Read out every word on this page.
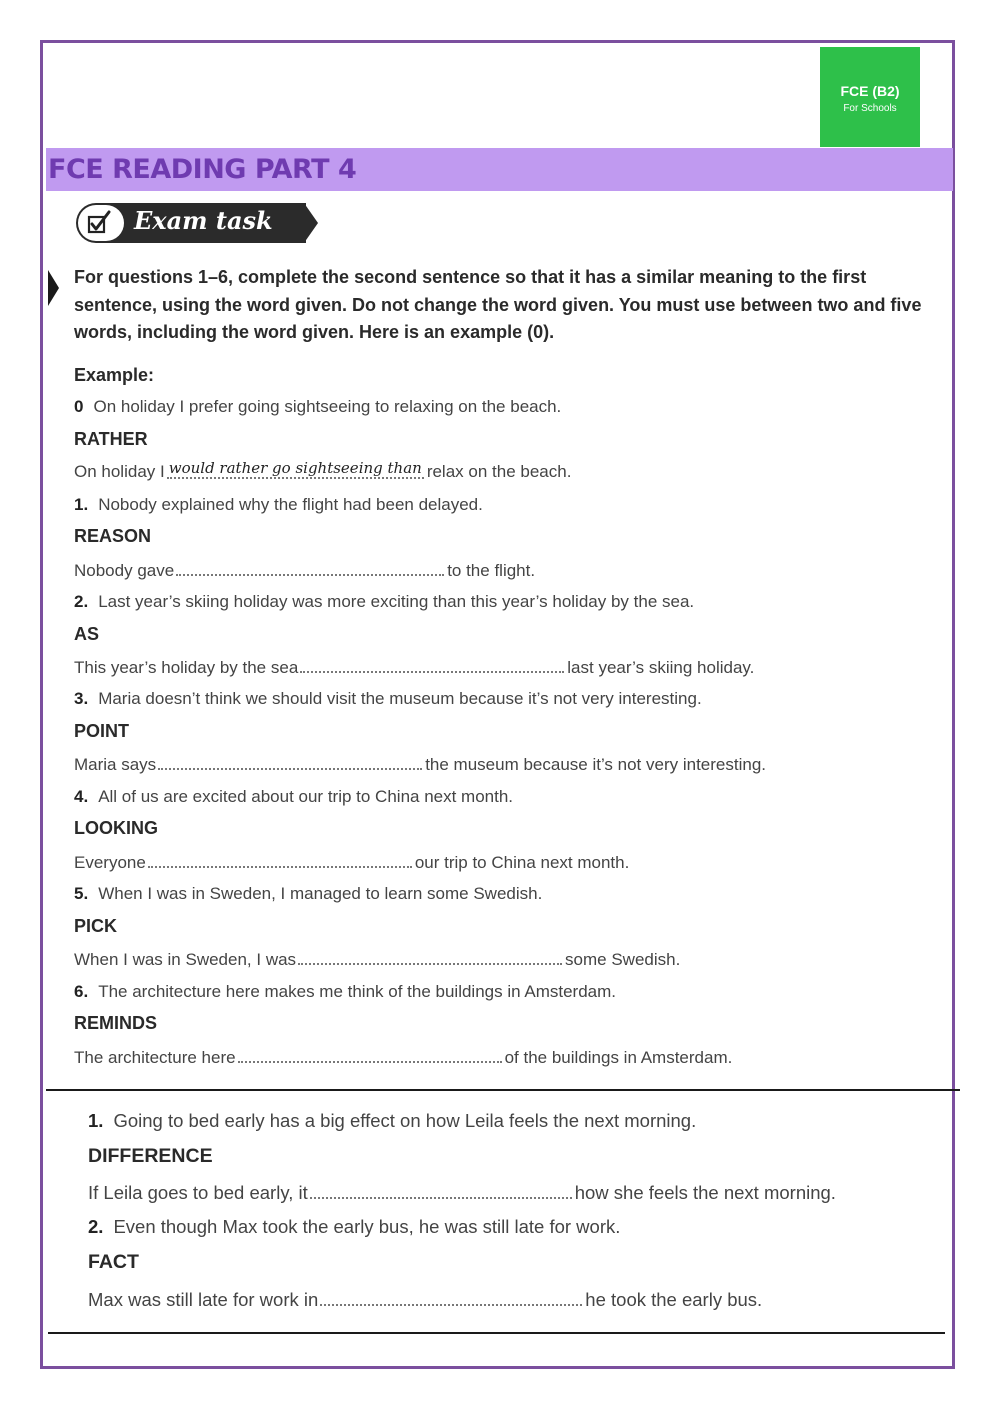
FCE (B2)
For Schools
FCE READING PART 4
Exam task
For questions 1–6, complete the second sentence so that it has a similar meaning to the first sentence, using the word given. Do not change the word given. You must use between two and five words, including the word given. Here is an example (0).
Example:
0 On holiday I prefer going sightseeing to relaxing on the beach.
RATHER
On holiday I would rather go sightseeing than relax on the beach.
1. Nobody explained why the flight had been delayed.
REASON
Nobody gave	to the flight.
2. Last year’s skiing holiday was more exciting than this year’s holiday by the sea.
AS
This year’s holiday by the sea	last year’s skiing holiday.
3. Maria doesn’t think we should visit the museum because it’s not very interesting.
POINT
Maria says	the museum because it’s not very interesting.
4. All of us are excited about our trip to China next month.
LOOKING
Everyone	our trip to China next month.
5. When I was in Sweden, I managed to learn some Swedish.
PICK
When I was in Sweden, I was	some Swedish.
6. The architecture here makes me think of the buildings in Amsterdam.
REMINDS
The architecture here	of the buildings in Amsterdam.
1. Going to bed early has a big effect on how Leila feels the next morning.
DIFFERENCE
If Leila goes to bed early, it	how she feels the next morning.
2. Even though Max took the early bus, he was still late for work.
FACT
Max was still late for work in	he took the early bus.
